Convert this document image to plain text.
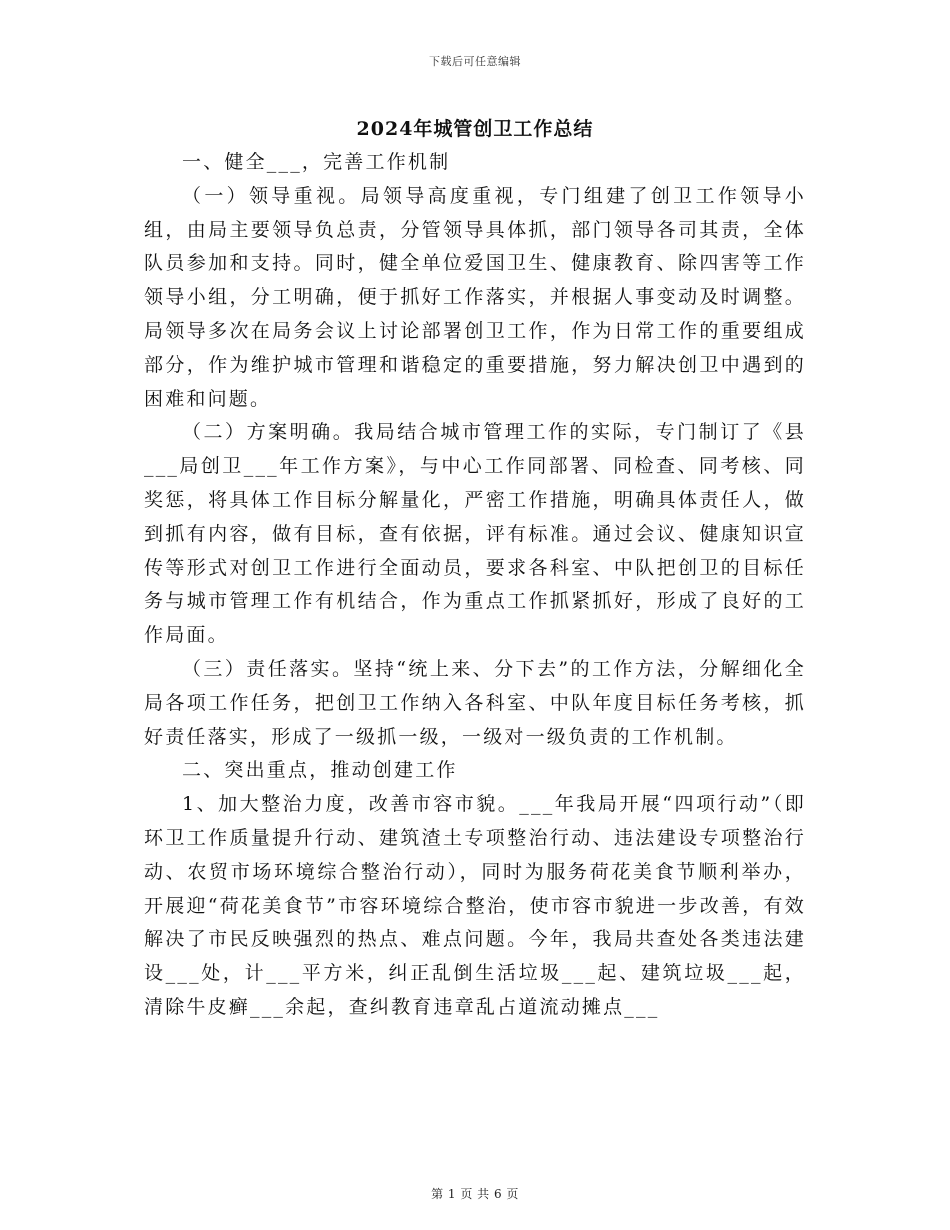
下载后可任意编辑
2024年城管创卫工作总结

一、健全___，完善工作机制

（一）领导重视。局领导高度重视，专门组建了创卫工作领导小组，由局主要领导负总责，分管领导具体抓，部门领导各司其责，全体队员参加和支持。同时，健全单位爱国卫生、健康教育、除四害等工作领导小组，分工明确，便于抓好工作落实，并根据人事变动及时调整。局领导多次在局务会议上讨论部署创卫工作，作为日常工作的重要组成部分，作为维护城市管理和谐稳定的重要措施，努力解决创卫中遇到的困难和问题。

（二）方案明确。我局结合城市管理工作的实际，专门制订了《县___局创卫___年工作方案》，与中心工作同部署、同检查、同考核、同奖惩，将具体工作目标分解量化，严密工作措施，明确具体责任人，做到抓有内容，做有目标，查有依据，评有标准。通过会议、健康知识宣传等形式对创卫工作进行全面动员，要求各科室、中队把创卫的目标任务与城市管理工作有机结合，作为重点工作抓紧抓好，形成了良好的工作局面。

（三）责任落实。坚持“统上来、分下去”的工作方法，分解细化全局各项工作任务，把创卫工作纳入各科室、中队年度目标任务考核，抓好责任落实，形成了一级抓一级，一级对一级负责的工作机制。

二、突出重点，推动创建工作

1、加大整治力度，改善市容市貌。___年我局开展“四项行动”（即环卫工作质量提升行动、建筑渣土专项整治行动、违法建设专项整治行动、农贸市场环境综合整治行动），同时为服务荷花美食节顺利举办，开展迎“荷花美食节”市容环境综合整治，使市容市貌进一步改善，有效解决了市民反映强烈的热点、难点问题。今年，我局共查处各类违法建设___处，计___平方米，纠正乱倒生活垃圾___起、建筑垃圾___起，清除牛皮癣___余起，查纠教育违章乱占道流动摊点___

第 1 页 共 6 页
